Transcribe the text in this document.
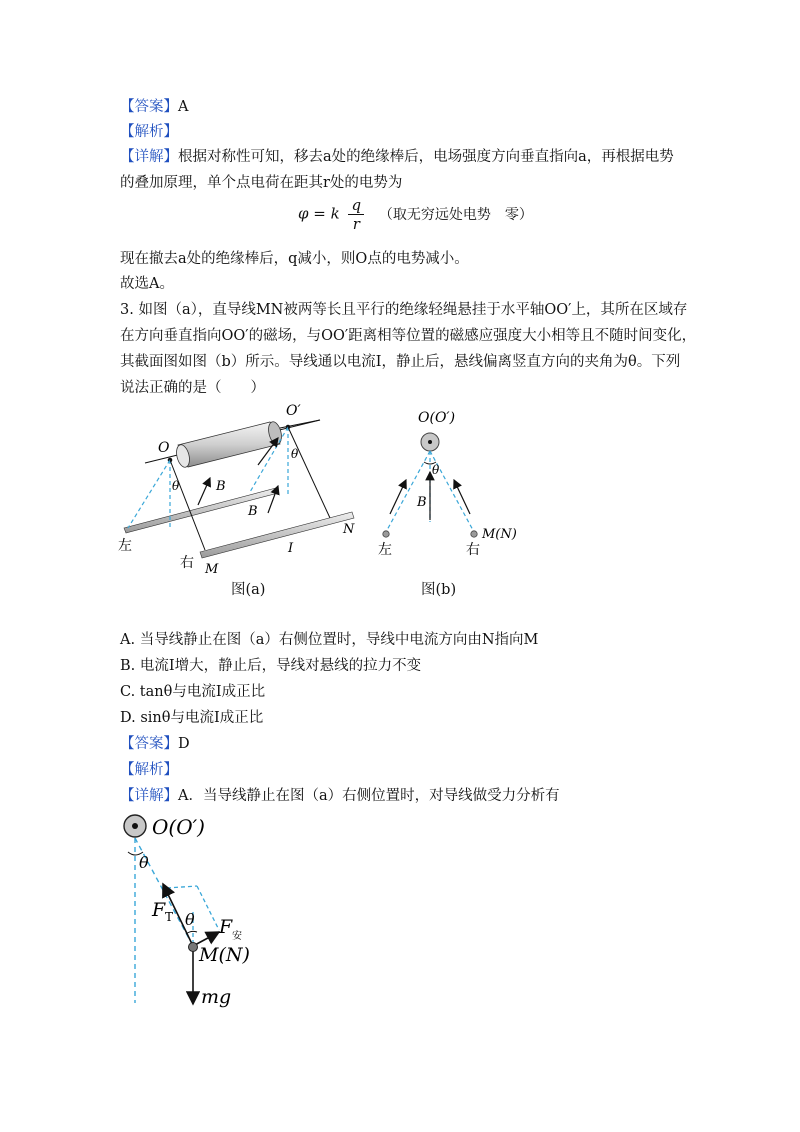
【答案】A
【解析】
【详解】根据对称性可知，移去a处的绝缘棒后，电场强度方向垂直指向a，再根据电势
的叠加原理，单个点电荷在距其r处的电势为
φ = k $\frac{q}{r}$ （取无穷远处电势　零）
现在撤去a处的绝缘棒后，q减小，则O点的电势减小。
故选A。
3. 如图（a），直导线MN被两等长且平行的绝缘轻绳悬挂于水平轴OO′上，其所在区域存
在方向垂直指向OO′的磁场，与OO′距离相等位置的磁感应强度大小相等且不随时间变化，
其截面图如图（b）所示。导线通以电流I，静止后，悬线偏离竖直方向的夹角为θ。下列
说法正确的是（　　）
O
O′
θ
θ
B
B
I
N
M
左
右
图(a)
O(O′)
θ
B
M(N)
左	右
图(b)
A. 当导线静止在图（a）右侧位置时，导线中电流方向由N指向M
B. 电流I增大，静止后，导线对悬线的拉力不变
C. tanθ与电流I成正比
D. sinθ与电流I成正比
【答案】D
【解析】
【详解】A．当导线静止在图（a）右侧位置时，对导线做受力分析有
O(O′)
θ
θ
F T F 安
M(N)
mg
